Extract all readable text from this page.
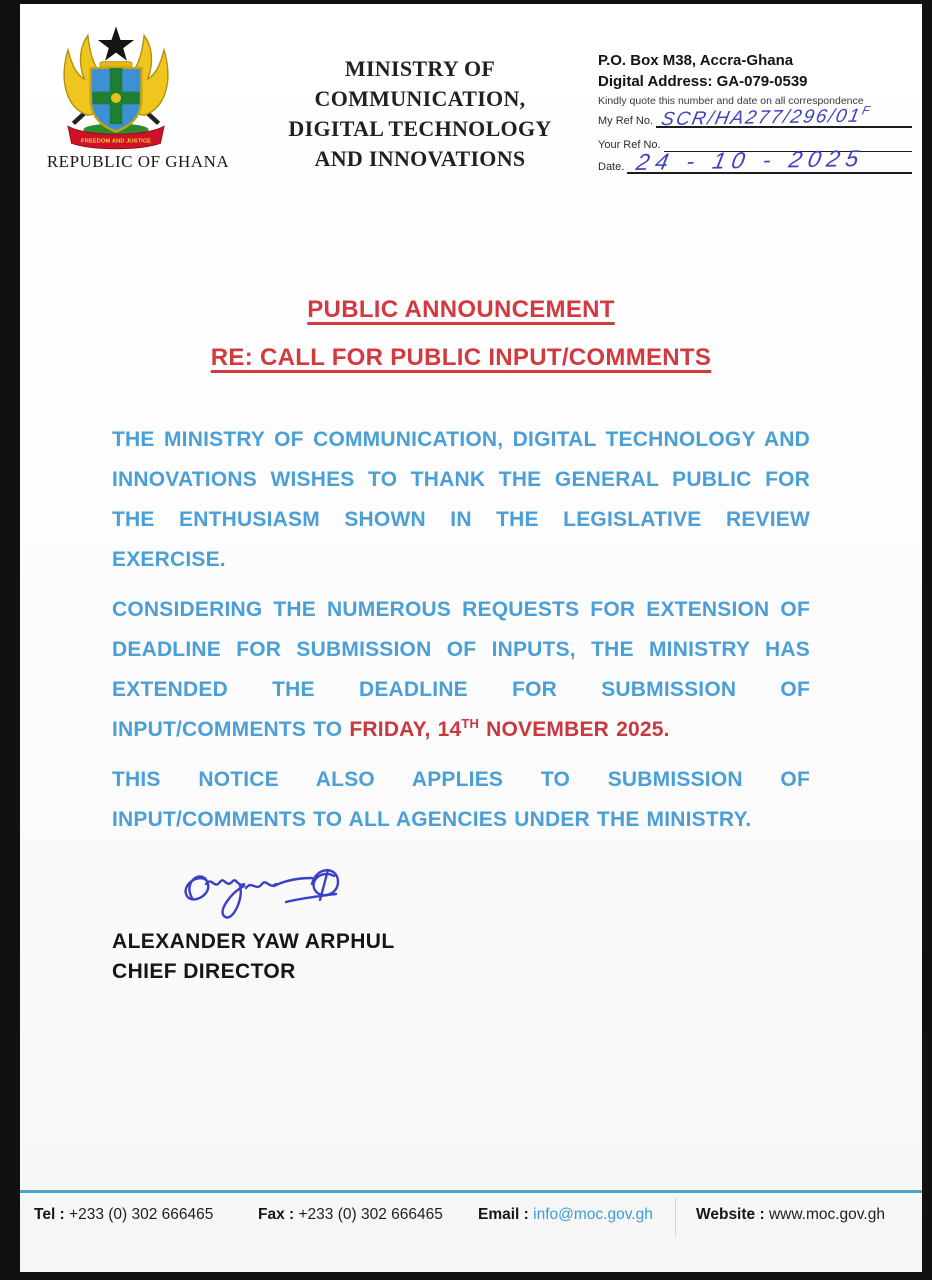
FREEDOM AND JUSTICE
REPUBLIC OF GHANA
MINISTRY OF
COMMUNICATION,
DIGITAL TECHNOLOGY
AND INNOVATIONS
P.O. Box M38, Accra-Ghana
Digital Address: GA-079-0539
Kindly quote this number and date on all correspondence
My Ref No. SCR/$HA277/296/01^F$
Your Ref No.
Date. 24 - 10 - 2025
PUBLIC ANNOUNCEMENT
RE: CALL FOR PUBLIC INPUT/COMMENTS
THE MINISTRY OF COMMUNICATION, DIGITAL TECHNOLOGY AND INNOVATIONS WISHES TO THANK THE GENERAL PUBLIC FOR THE ENTHUSIASM SHOWN IN THE LEGISLATIVE REVIEW EXERCISE.
CONSIDERING THE NUMEROUS REQUESTS FOR EXTENSION OF DEADLINE FOR SUBMISSION OF INPUTS, THE MINISTRY HAS EXTENDED THE DEADLINE FOR SUBMISSION OF INPUT/COMMENTS TO FRIDAY, 14TH NOVEMBER 2025.
THIS NOTICE ALSO APPLIES TO SUBMISSION OF INPUT/COMMENTS TO ALL AGENCIES UNDER THE MINISTRY.
ALEXANDER YAW ARPHUL
CHIEF DIRECTOR
Tel : +233 (0) 302 666465	Fax : +233 (0) 302 666465 Email : info@moc.gov.gh	Website : www.moc.gov.gh
